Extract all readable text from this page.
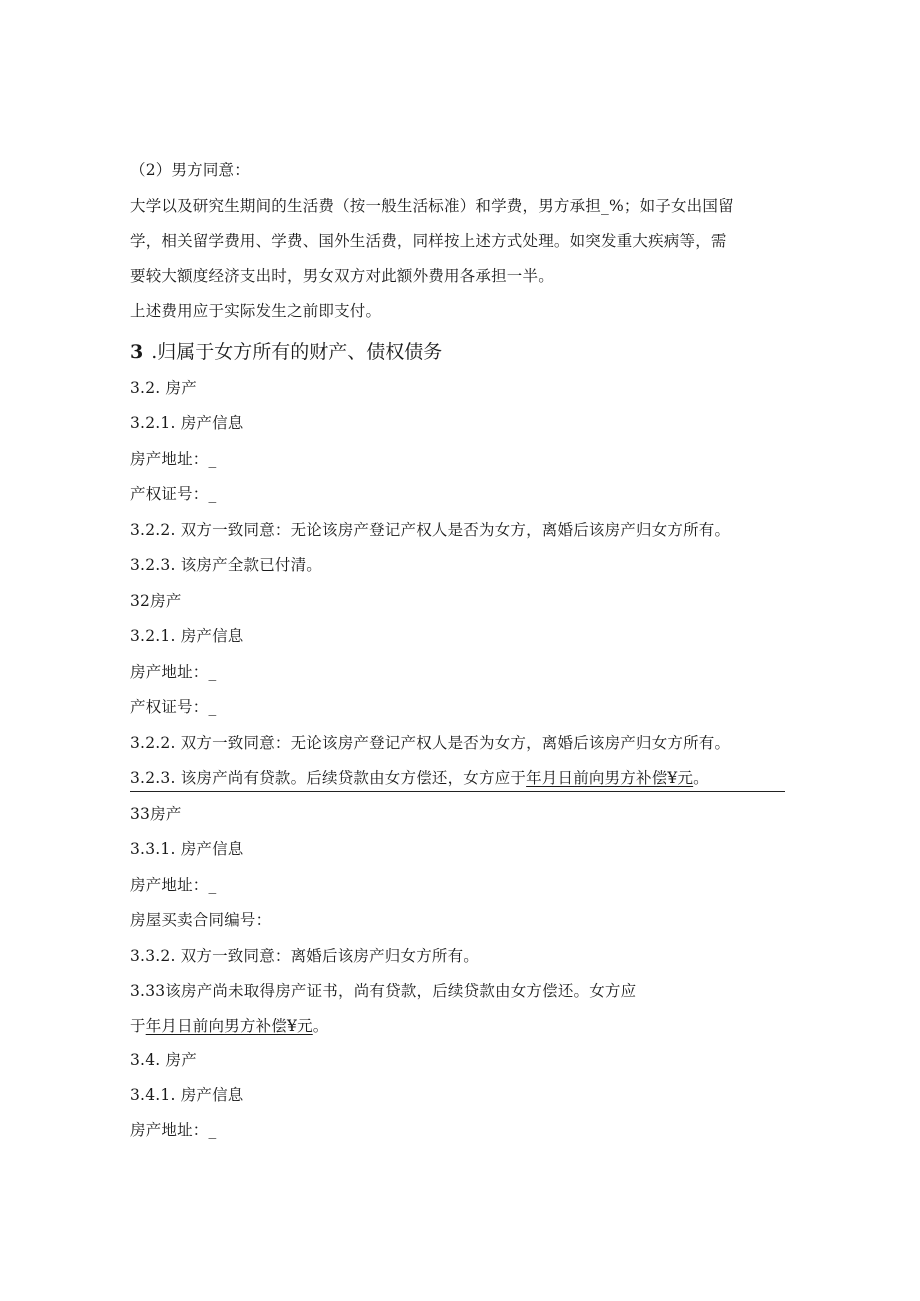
（2）男方同意：
大学以及研究生期间的生活费（按一般生活标准）和学费，男方承担_%；如子女出国留
学，相关留学费用、学费、国外生活费，同样按上述方式处理。如突发重大疾病等，需
要较大额度经济支出时，男女双方对此额外费用各承担一半。
上述费用应于实际发生之前即支付。
3 .归属于女方所有的财产、债权债务
3.2. 房产
3.2.1. 房产信息
房产地址：_
产权证号：_
3.2.2. 双方一致同意：无论该房产登记产权人是否为女方，离婚后该房产归女方所有。
3.2.3. 该房产全款已付清。
32房产
3.2.1. 房产信息
房产地址：_
产权证号：_
3.2.2. 双方一致同意：无论该房产登记产权人是否为女方，离婚后该房产归女方所有。
3.2.3. 该房产尚有贷款。后续贷款由女方偿还，女方应于年月日前向男方补偿¥元。
33房产
3.3.1. 房产信息
房产地址：_
房屋买卖合同编号：
3.3.2. 双方一致同意：离婚后该房产归女方所有。
3.33该房产尚未取得房产证书，尚有贷款，后续贷款由女方偿还。女方应
于年月日前向男方补偿¥元。
3.4. 房产
3.4.1. 房产信息
房产地址：_
